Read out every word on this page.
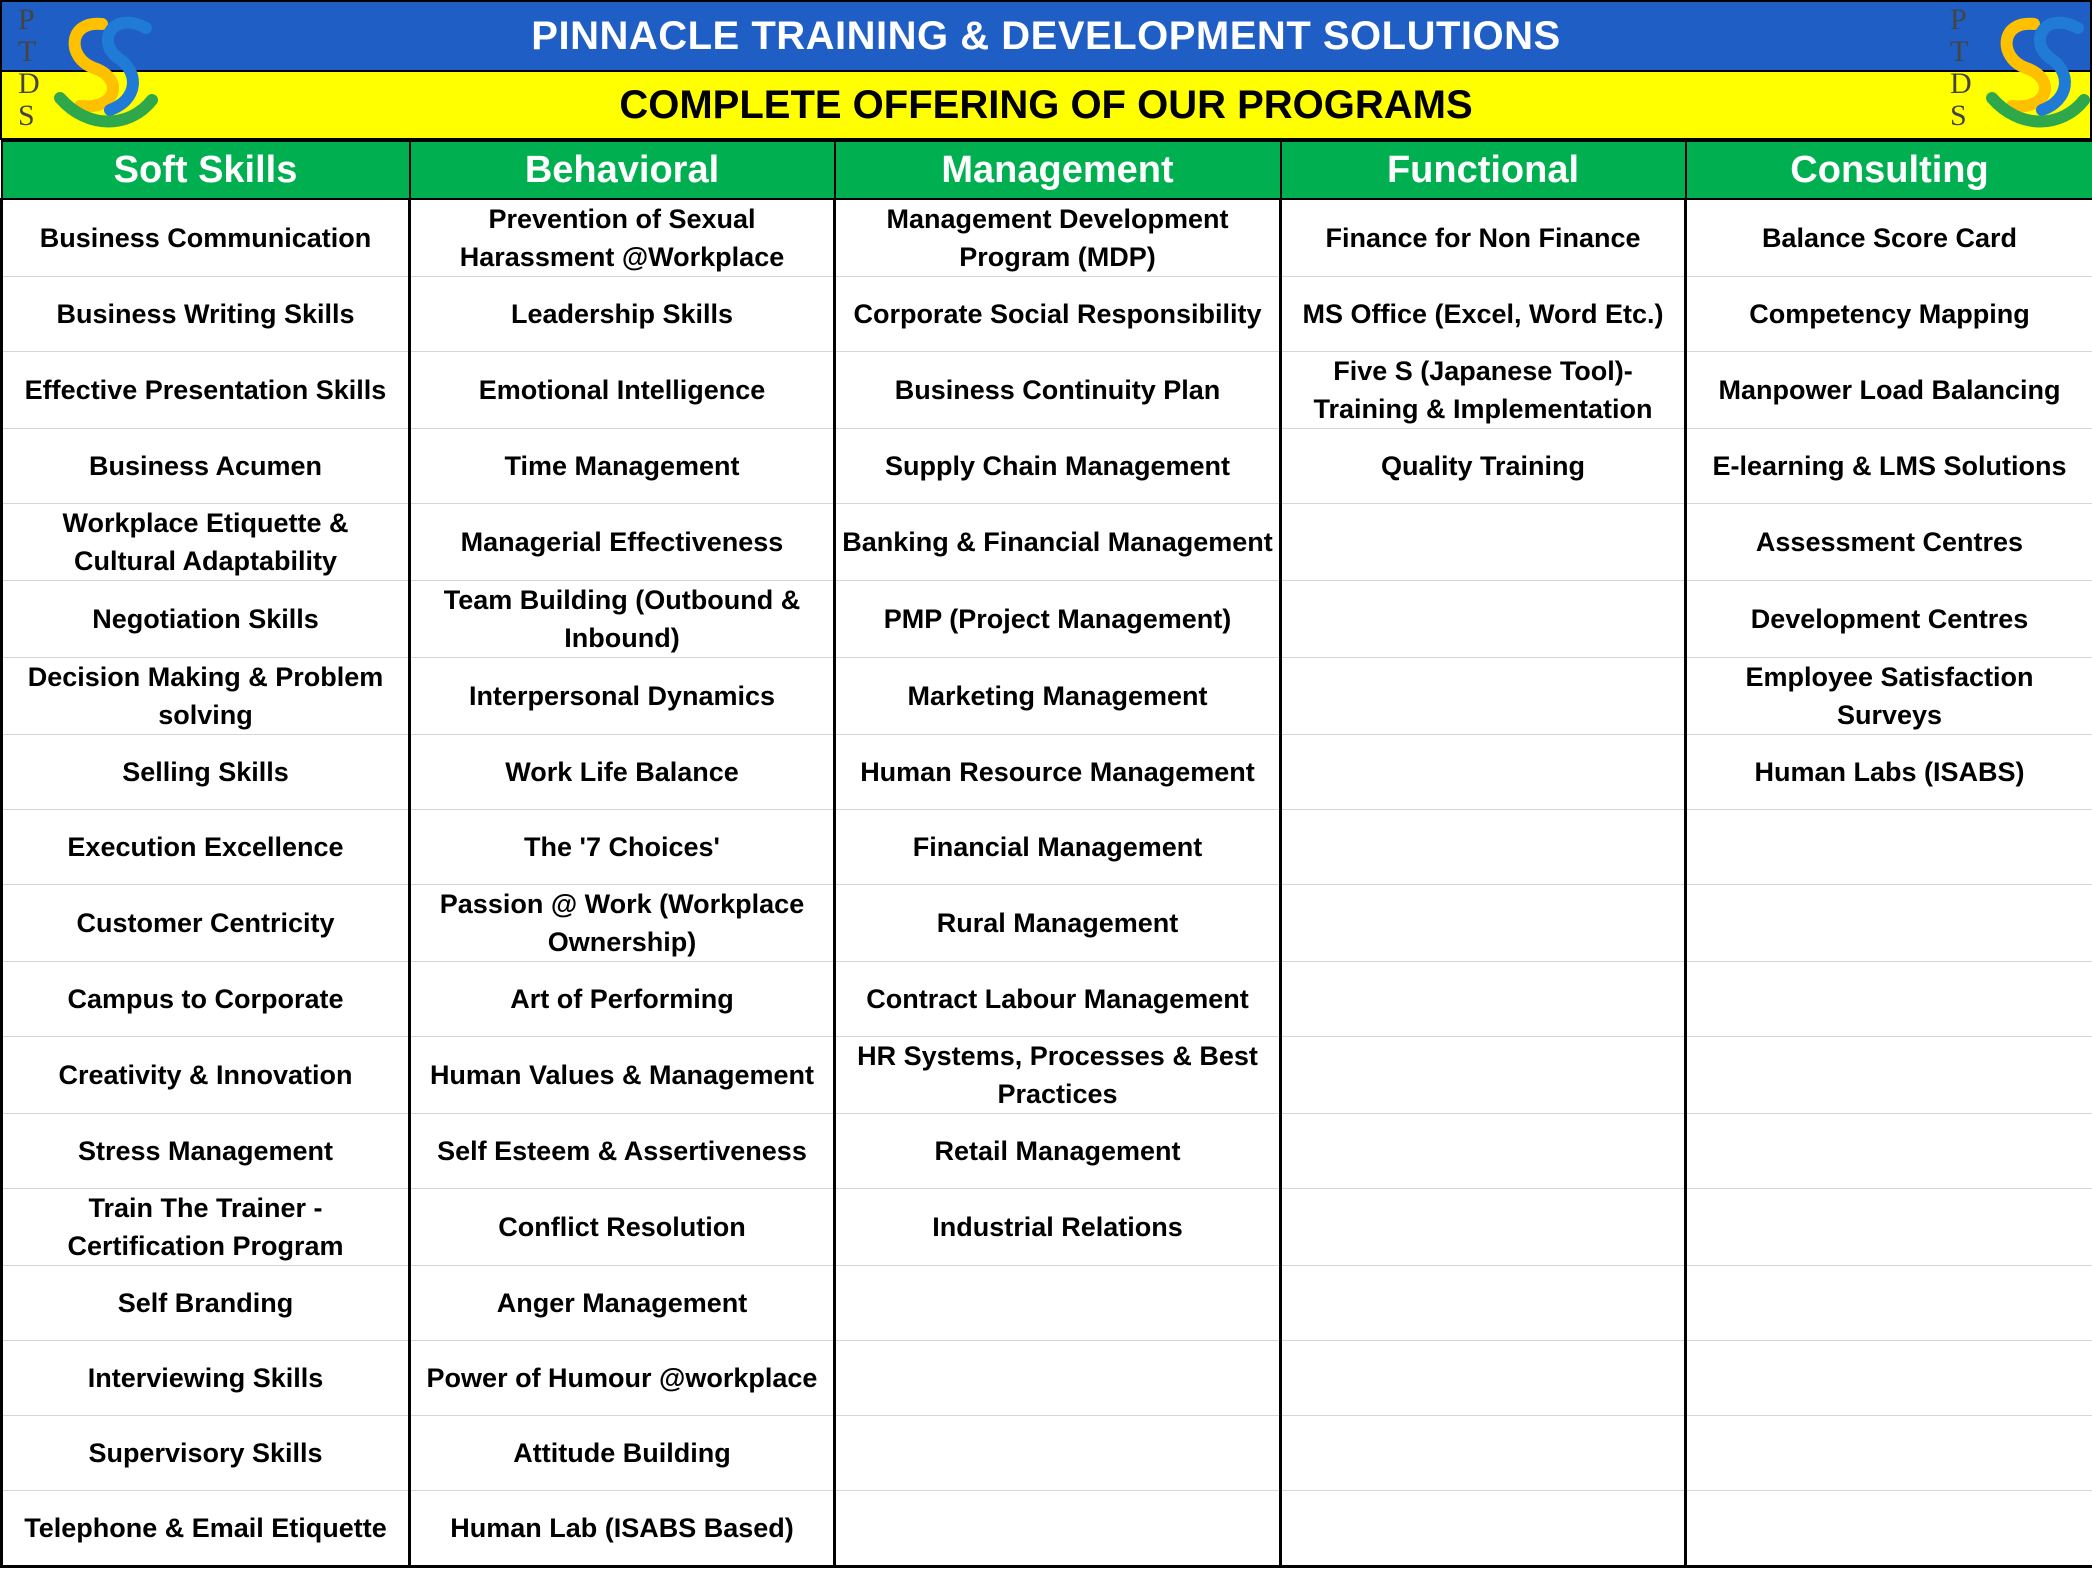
PINNACLE TRAINING & DEVELOPMENT SOLUTIONS
COMPLETE OFFERING OF OUR PROGRAMS
P
T
D
S
P
T
D
S
Soft Skills	Behavioral	Management	Functional	Consulting
Business Communication	Prevention of Sexual Harassment @Workplace	Management Development Program (MDP)	Finance for Non Finance	Balance Score Card
Business Writing Skills	Leadership Skills	Corporate Social Responsibility	MS Office (Excel, Word Etc.)	Competency Mapping
Effective Presentation Skills	Emotional Intelligence	Business Continuity Plan	Five S (Japanese Tool)- Training & Implementation	Manpower Load Balancing
Business Acumen	Time Management	Supply Chain Management	Quality Training	E-learning & LMS Solutions
Workplace Etiquette & Cultural Adaptability	Managerial Effectiveness	Banking & Financial Management		Assessment Centres
Negotiation Skills	Team Building (Outbound & Inbound)	PMP (Project Management)		Development Centres
Decision Making & Problem solving	Interpersonal Dynamics	Marketing Management		Employee Satisfaction Surveys
Selling Skills	Work Life Balance	Human Resource Management		Human Labs (ISABS)
Execution Excellence	The '7 Choices'	Financial Management		
Customer Centricity	Passion @ Work (Workplace Ownership)	Rural Management		
Campus to Corporate	Art of Performing	Contract Labour Management		
Creativity & Innovation	Human Values & Management	HR Systems, Processes & Best Practices		
Stress Management	Self Esteem & Assertiveness	Retail Management		
Train The Trainer - Certification Program	Conflict Resolution	Industrial Relations		
Self Branding	Anger Management			
Interviewing Skills	Power of Humour @workplace			
Supervisory Skills	Attitude Building			
Telephone & Email Etiquette	Human Lab (ISABS Based)			
